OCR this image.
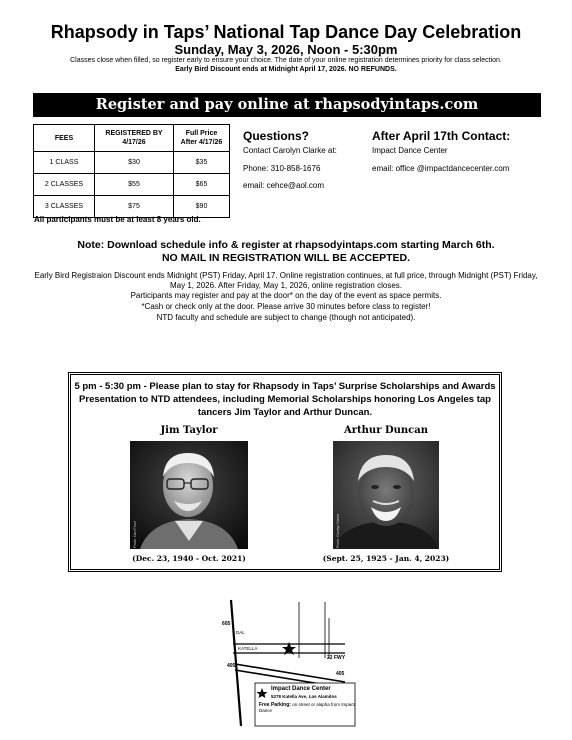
Rhapsody in Taps’ National Tap Dance Day Celebration
Sunday, May 3, 2026, Noon - 5:30pm
Classes close when filled, so register early to ensure your choice. The date of your online registration determines priority for class selection.
Early Bird Discount ends at Midnight April 17, 2026. NO REFUNDS.
Register and pay online at rhapsodyintaps.com
FEES	REGISTERED BY 4/17/26	Full Price After 4/17/26
1 CLASS	$30	$35
2 CLASSES	$55	$65
3 CLASSES	$75	$90
All participants must be at least 8 years old.
Questions?
Contact Carolyn Clarke at:
Phone: 310-858-1676
email: cehce@aol.com
After April 17th Contact:
Impact Dance Center
email: office @impactdancecenter.com
Note: Download schedule info & register at rhapsodyintaps.com starting March 6th.
NO MAIL IN REGISTRATION WILL BE ACCEPTED.
Early Bird Registraion Discount ends Midnight (PST) Friday, April 17. Online registration continues, at full price, through Midnight (PST) Friday, May 1, 2026. After Friday, May 1, 2026, online registration closes.
Participants may register and pay at the door* on the day of the event as space permits.
*Cash or check only at the door. Please arrive 30 minutes before class to register!
NTD faculty and schedule are subject to change (though not anticipated).
5 pm - 5:30 pm - Please plan to stay for Rhapsody in Taps’ Surprise Scholarships and Awards Presentation to NTD attendees, including Memorial Scholarships honoring Los Angeles tap tancers Jim Taylor and Arthur Duncan.
Jim Taylor
Photo: Dan Pearl
(Dec. 23, 1940 - Oct. 2021)
Arthur Duncan
Photo: Carolyn Clarke
(Sept. 25, 1925 - Jan. 4, 2023)
605
405
405
22 FWY
KATELLA
DAL
Impact Dance Center
5278 Katella Ave, Los Alamitos
Free Parking: on street or alapha from Impact Dance
